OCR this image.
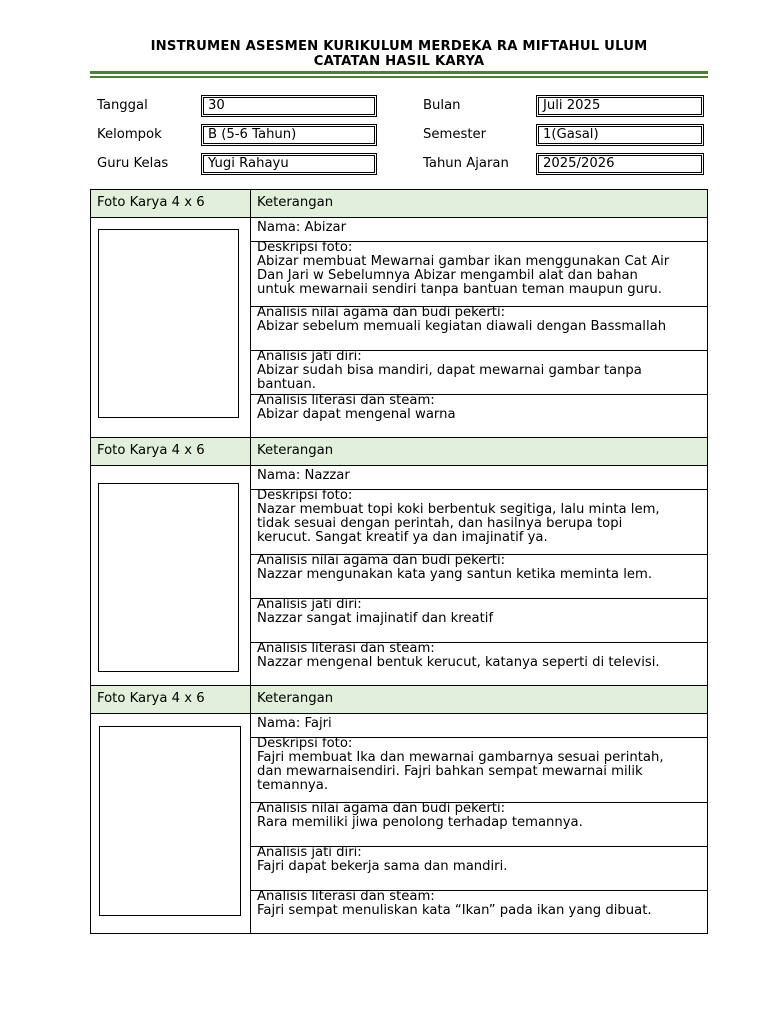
INSTRUMEN ASESMEN KURIKULUM MERDEKA RA MIFTAHUL ULUM
CATATAN HASIL KARYA
Tanggal	30
Kelompok	B (5-6 Tahun)
Guru Kelas	Yugi Rahayu
Bulan	Juli 2025
Semester	1(Gasal)
Tahun Ajaran	2025/2026
Foto Karya 4 x 6	Keterangan
Nama: Abizar
Deskripsi foto:
Abizar membuat Mewarnai gambar ikan menggunakan Cat Air
Dan Jari w Sebelumnya Abizar mengambil alat dan bahan
untuk mewarnaii sendiri tanpa bantuan teman maupun guru.
Analisis nilai agama dan budi pekerti:
Abizar sebelum memuali kegiatan diawali dengan Bassmallah
Analisis jati diri:
Abizar sudah bisa mandiri, dapat mewarnai gambar tanpa
bantuan.
Analisis literasi dan steam:
Abizar dapat mengenal warna
Foto Karya 4 x 6	Keterangan
Nama: Nazzar
Deskripsi foto:
Nazar membuat topi koki berbentuk segitiga, lalu minta lem,
tidak sesuai dengan perintah, dan hasilnya berupa topi
kerucut. Sangat kreatif ya dan imajinatif ya.
Analisis nilai agama dan budi pekerti:
Nazzar mengunakan kata yang santun ketika meminta lem.
Analisis jati diri:
Nazzar sangat imajinatif dan kreatif
Analisis literasi dan steam:
Nazzar mengenal bentuk kerucut, katanya seperti di televisi.
Foto Karya 4 x 6	Keterangan
Nama: Fajri
Deskripsi foto:
Fajri membuat Ika dan mewarnai gambarnya sesuai perintah,
dan mewarnaisendiri. Fajri bahkan sempat mewarnai milik
temannya.
Analisis nilai agama dan budi pekerti:
Rara memiliki jiwa penolong terhadap temannya.
Analisis jati diri:
Fajri dapat bekerja sama dan mandiri.
Analisis literasi dan steam:
Fajri sempat menuliskan kata “Ikan” pada ikan yang dibuat.
